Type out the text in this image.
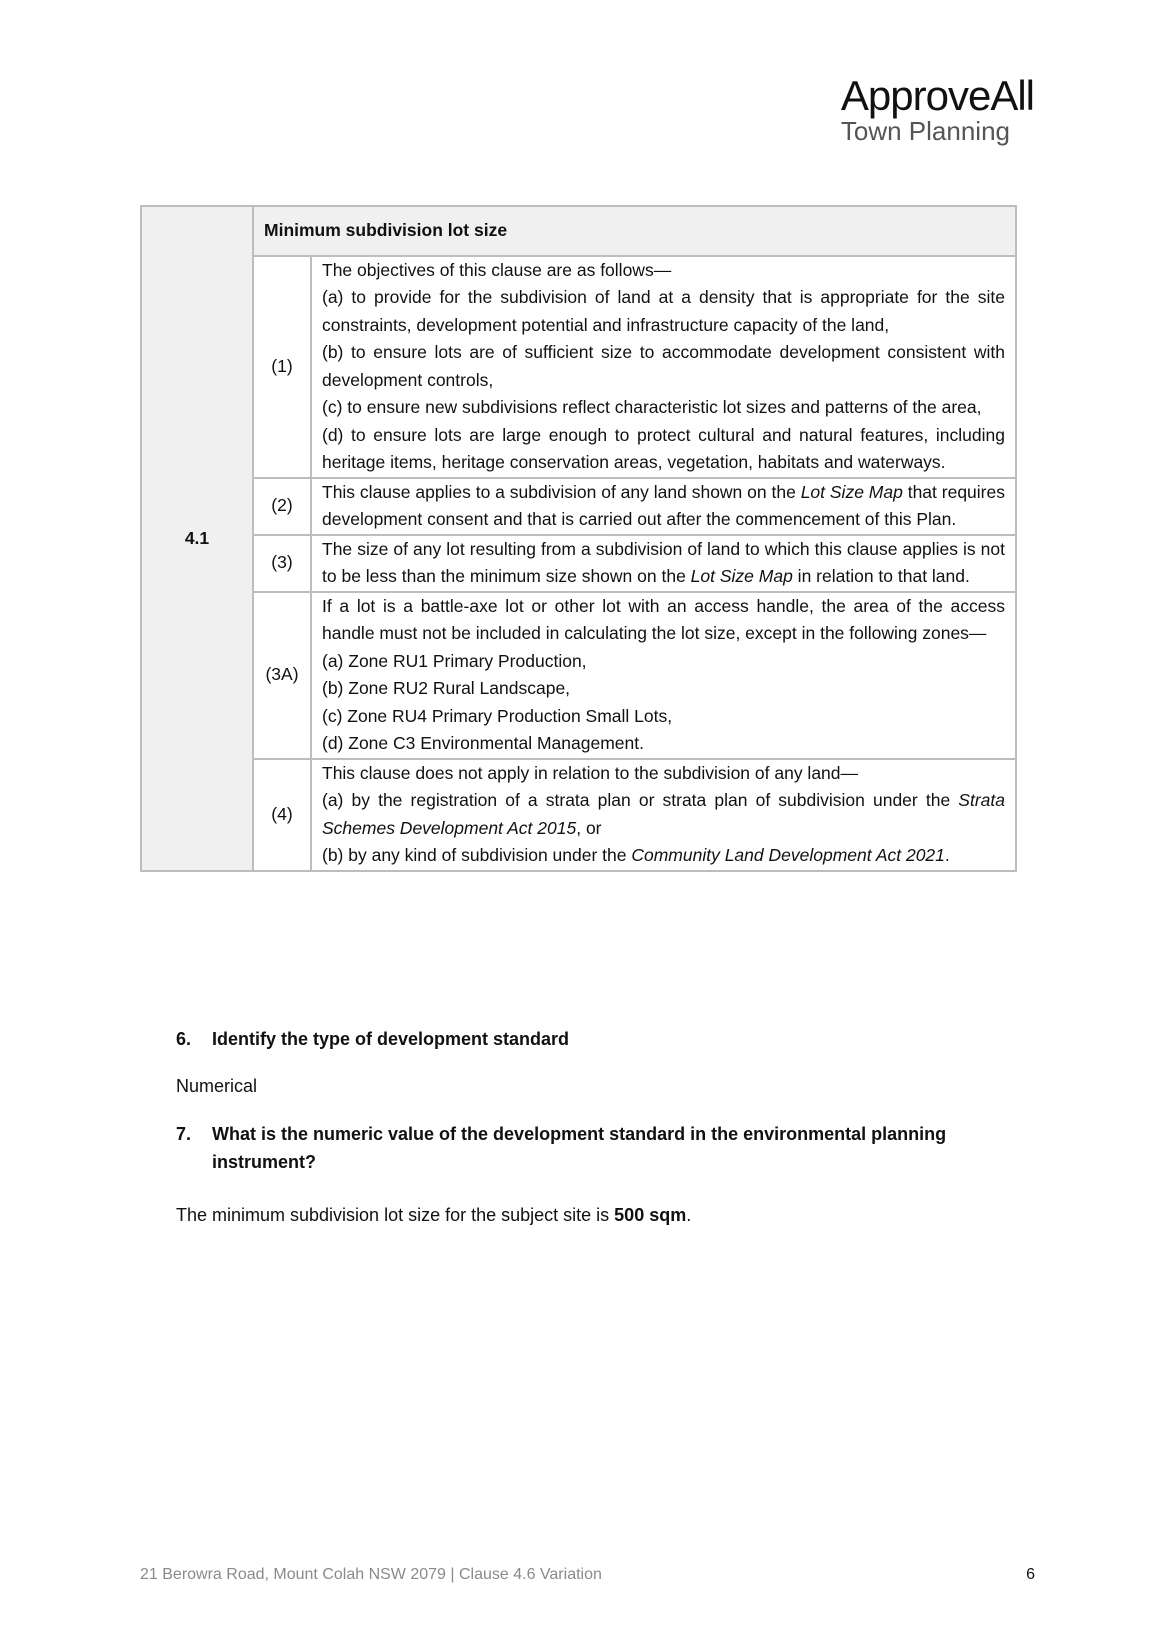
ApproveAll
Town Planning
4.1	Minimum subdivision lot size	
	(1)	The objectives of this clause are as follows—

(a) to provide for the subdivision of land at a density that is appropriate for the site constraints, development potential and infrastructure capacity of the land,

(b) to ensure lots are of sufficient size to accommodate development consistent with development controls,

(c) to ensure new subdivisions reflect characteristic lot sizes and patterns of the area,

(d) to ensure lots are large enough to protect cultural and natural features, including heritage items, heritage conservation areas, vegetation, habitats and waterways.

	(2)	This clause applies to a subdivision of any land shown on the Lot Size Map that requires development consent and that is carried out after the commencement of this Plan.
	(3)	The size of any lot resulting from a subdivision of land to which this clause applies is not to be less than the minimum size shown on the Lot Size Map in relation to that land.
	(3A)	If a lot is a battle-axe lot or other lot with an access handle, the area of the access handle must not be included in calculating the lot size, except in the following zones—

(a) Zone RU1 Primary Production,

(b) Zone RU2 Rural Landscape,

(c) Zone RU4 Primary Production Small Lots,

(d) Zone C3 Environmental Management.

	(4)	This clause does not apply in relation to the subdivision of any land—

(a) by the registration of a strata plan or strata plan of subdivision under the Strata Schemes Development Act 2015, or

(b) by any kind of subdivision under the Community Land Development Act 2021.

6. Identify the type of development standard
Numerical
7. What is the numeric value of the development standard in the environmental planning instrument?
The minimum subdivision lot size for the subject site is 500 sqm.
21 Berowra Road, Mount Colah NSW 2079 | Clause 4.6 Variation	6
